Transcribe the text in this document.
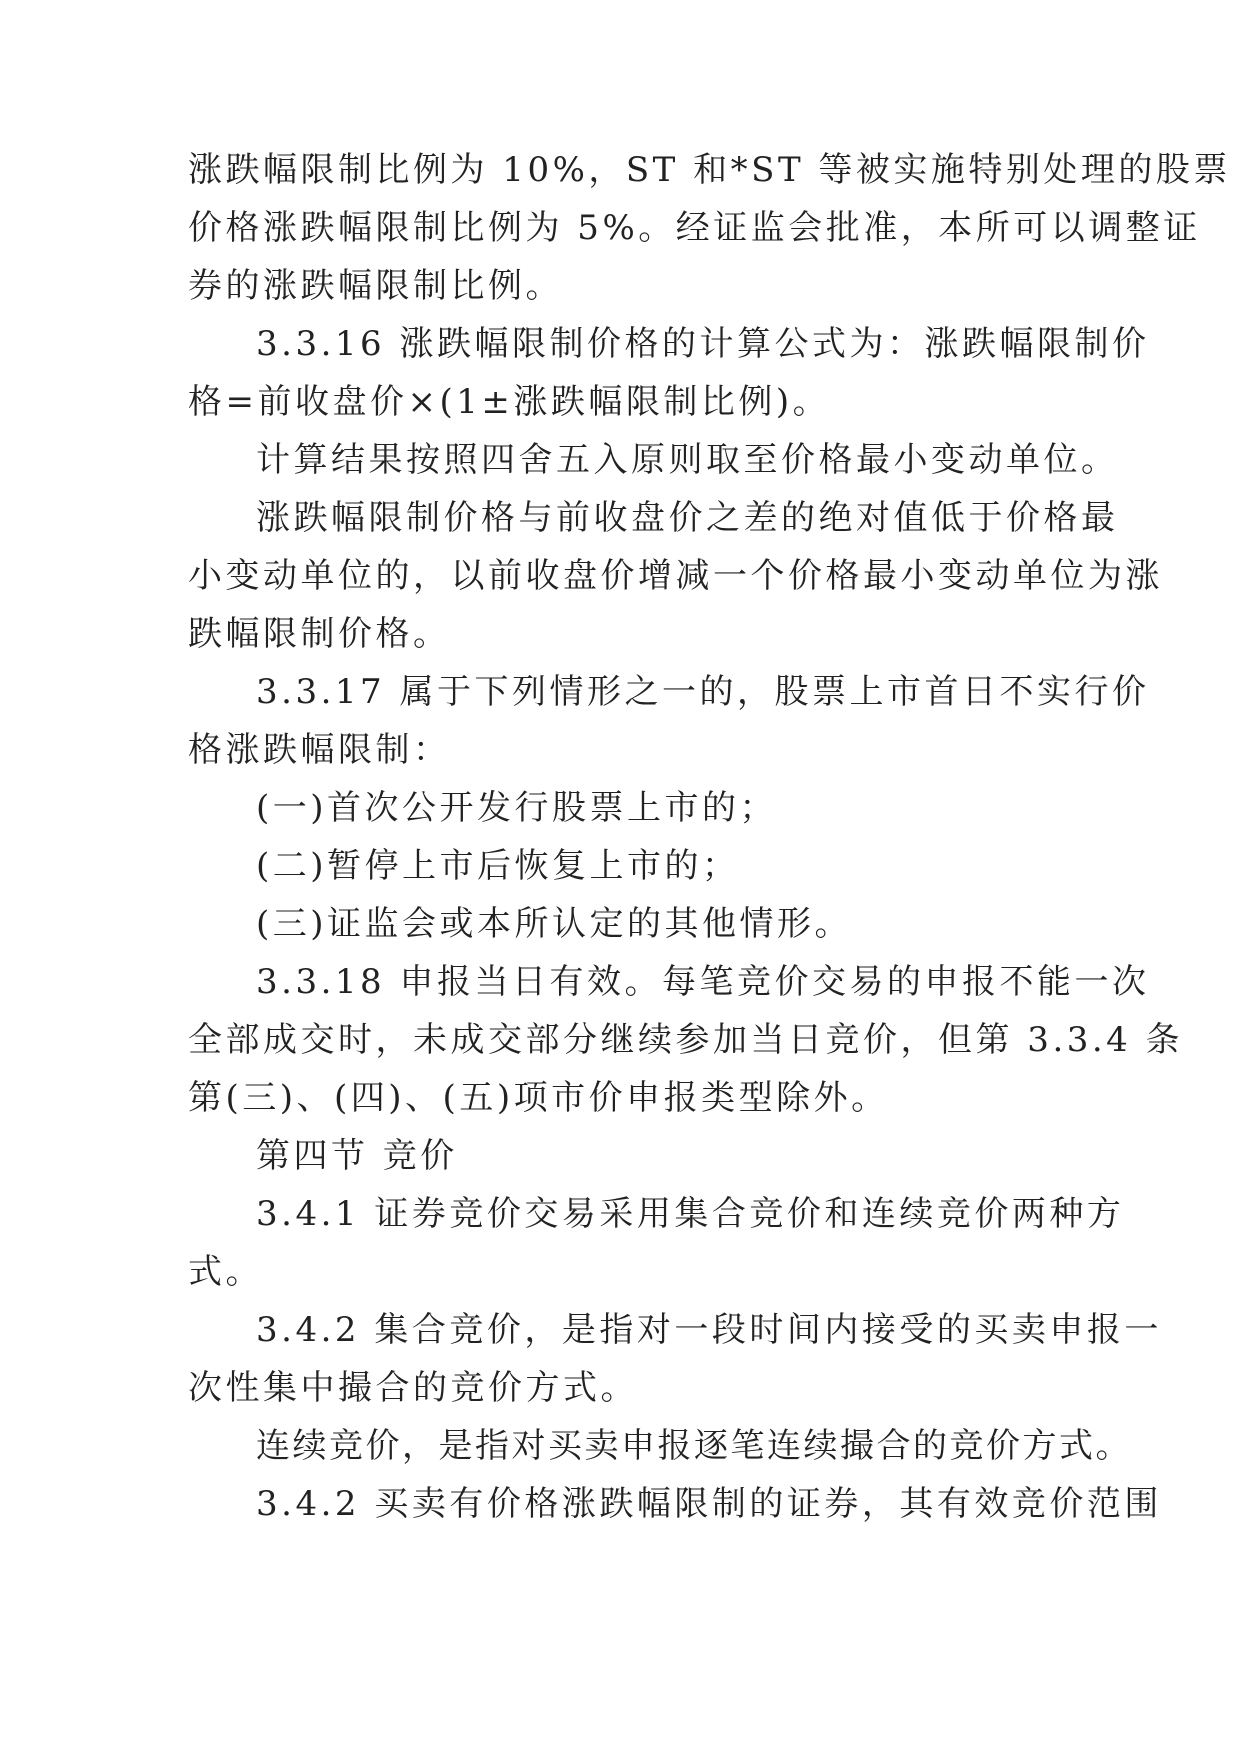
涨跌幅限制比例为 10%，ST 和*ST 等被实施特别处理的股票
价格涨跌幅限制比例为 5%。经证监会批准，本所可以调整证
券的涨跌幅限制比例。
3.3.16 涨跌幅限制价格的计算公式为：涨跌幅限制价
格=前收盘价×(1±涨跌幅限制比例)。
计算结果按照四舍五入原则取至价格最小变动单位。
涨跌幅限制价格与前收盘价之差的绝对值低于价格最
小变动单位的，以前收盘价增减一个价格最小变动单位为涨
跌幅限制价格。
3.3.17 属于下列情形之一的，股票上市首日不实行价
格涨跌幅限制：
(一)首次公开发行股票上市的；
(二)暂停上市后恢复上市的；
(三)证监会或本所认定的其他情形。
3.3.18 申报当日有效。每笔竞价交易的申报不能一次
全部成交时，未成交部分继续参加当日竞价，但第 3.3.4 条
第(三)、(四)、(五)项市价申报类型除外。
第四节 竞价
3.4.1 证券竞价交易采用集合竞价和连续竞价两种方
式。
3.4.2 集合竞价，是指对一段时间内接受的买卖申报一
次性集中撮合的竞价方式。
连续竞价，是指对买卖申报逐笔连续撮合的竞价方式。
3.4.2 买卖有价格涨跌幅限制的证券，其有效竞价范围
